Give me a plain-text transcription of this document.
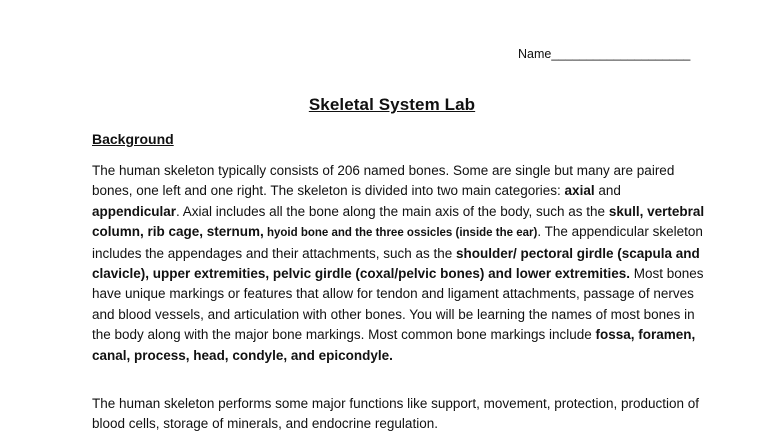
Name____________________
Skeletal System Lab
Background

The human skeleton typically consists of 206 named bones. Some are single but many are paired bones, one left and one right. The skeleton is divided into two main categories: axial and appendicular. Axial includes all the bone along the main axis of the body, such as the skull, vertebral column, rib cage, sternum, hyoid bone and the three ossicles (inside the ear). The appendicular skeleton includes the appendages and their attachments, such as the shoulder/ pectoral girdle (scapula and clavicle), upper extremities, pelvic girdle (coxal/pelvic bones) and lower extremities. Most bones have unique markings or features that allow for tendon and ligament attachments, passage of nerves and blood vessels, and articulation with other bones. You will be learning the names of most bones in the body along with the major bone markings. Most common bone markings include fossa, foramen, canal, process, head, condyle, and epicondyle.

The human skeleton performs some major functions like support, movement, protection, production of blood cells, storage of minerals, and endocrine regulation.
